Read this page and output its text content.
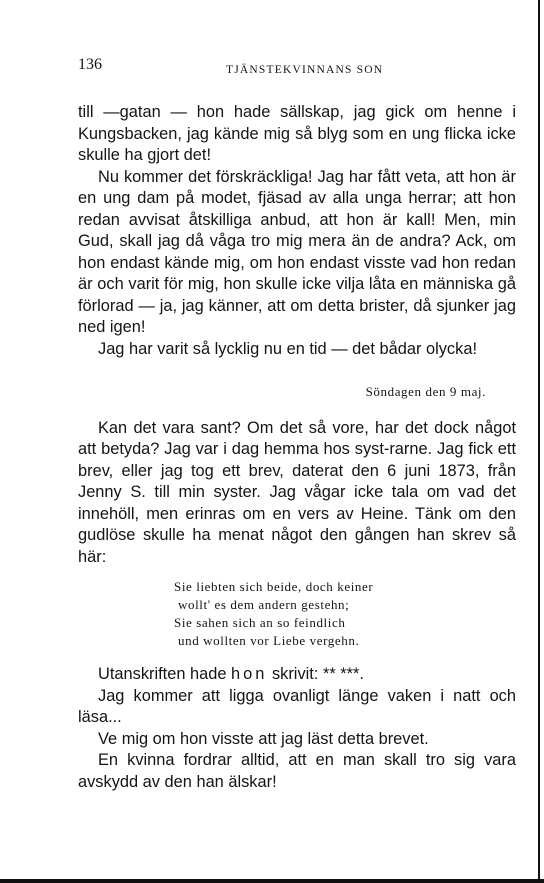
136	TJÄNSTEKVINNANS SON

till —gatan — hon hade sällskap, jag gick om henne i Kungsbacken, jag kände mig så blyg som en ung flicka icke skulle ha gjort det!

Nu kommer det förskräckliga! Jag har fått veta, att hon är en ung dam på modet, fjäsad av alla unga herrar; att hon redan avvisat åtskilliga anbud, att hon är kall! Men, min Gud, skall jag då våga tro mig mera än de andra? Ack, om hon endast kände mig, om hon endast visste vad hon redan är och varit för mig, hon skulle icke vilja låta en människa gå förlorad — ja, jag känner, att om detta brister, då sjunker jag ned igen!

Jag har varit så lycklig nu en tid — det bådar olycka!

Söndagen den 9 maj.

Kan det vara sant? Om det så vore, har det dock något att betyda? Jag var i dag hemma hos syst-rarne. Jag fick ett brev, eller jag tog ett brev, daterat den 6 juni 1873, från Jenny S. till min syster. Jag vågar icke tala om vad det innehöll, men erinras om en vers av Heine. Tänk om den gudlöse skulle ha menat något den gången han skrev så här:

Sie liebten sich beide, doch keiner
wollt' es dem andern gestehn;
Sie sahen sich an so feindlich
und wollten vor Liebe vergehn.

Utanskriften hade hon skrivit: ** ***.

Jag kommer att ligga ovanligt länge vaken i natt och läsa...

Ve mig om hon visste att jag läst detta brevet.

En kvinna fordrar alltid, att en man skall tro sig vara avskydd av den han älskar!
